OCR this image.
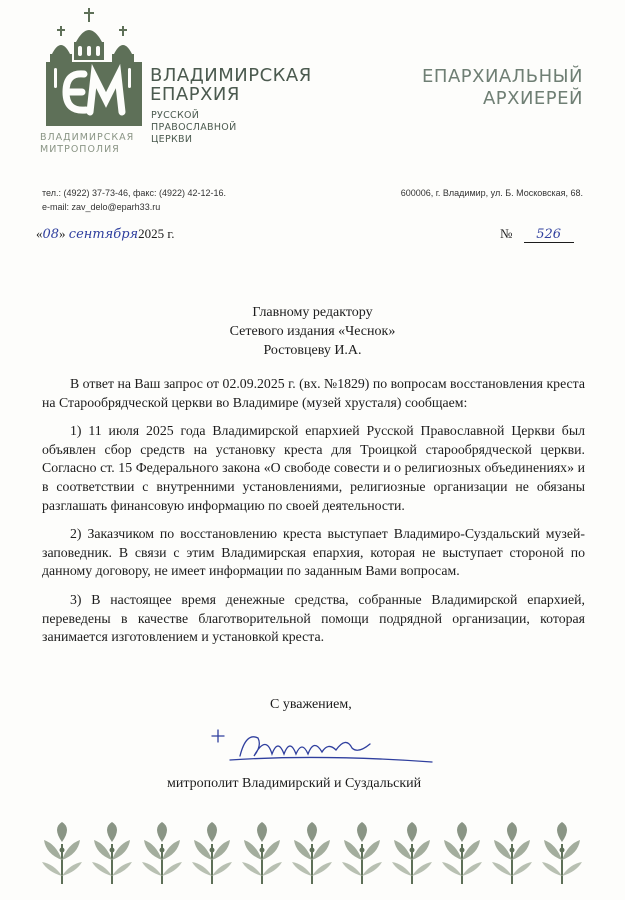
ВЛАДИМИРСКАЯ
ЕПАРХИЯ
РУССКОЙ
ПРАВОСЛАВНОЙ
ЦЕРКВИ
ВЛАДИМИРСКАЯ
МИТРОПОЛИЯ
ЕПАРХИАЛЬНЫЙ
АРХИЕРЕЙ
тел.: (4922) 37-73-46, факс: (4922) 42-12-16.
e-mail: zav_delo@eparh33.ru
600006, г. Владимир, ул. Б. Московская, 68.
«08» сентября2025 г.	№ 526
Главному редактору
Сетевого издания «Чеснок»
Ростовцеву И.А.

В ответ на Ваш запрос от 02.09.2025 г. (вх. №1829) по вопросам восстановления креста на Старообрядческой церкви во Владимире (музей хрусталя) сообщаем:

1) 11 июля 2025 года Владимирской епархией Русской Православной Церкви был объявлен сбор средств на установку креста для Троицкой старообрядческой церкви. Согласно ст. 15 Федерального закона «О свободе совести и о религиозных объединениях» и в соответствии с внутренними установлениями, религиозные организации не обязаны разглашать финансовую информацию по своей деятельности.

2) Заказчиком по восстановлению креста выступает Владимиро-Суздальский музей-заповедник. В связи с этим Владимирская епархия, которая не выступает стороной по данному договору, не имеет информации по заданным Вами вопросам.

3) В настоящее время денежные средства, собранные Владимирской епархией, переведены в качестве благотворительной помощи подрядной организации, которая занимается изготовлением и установкой креста.

С уважением,
митрополит Владимирский и Суздальский
